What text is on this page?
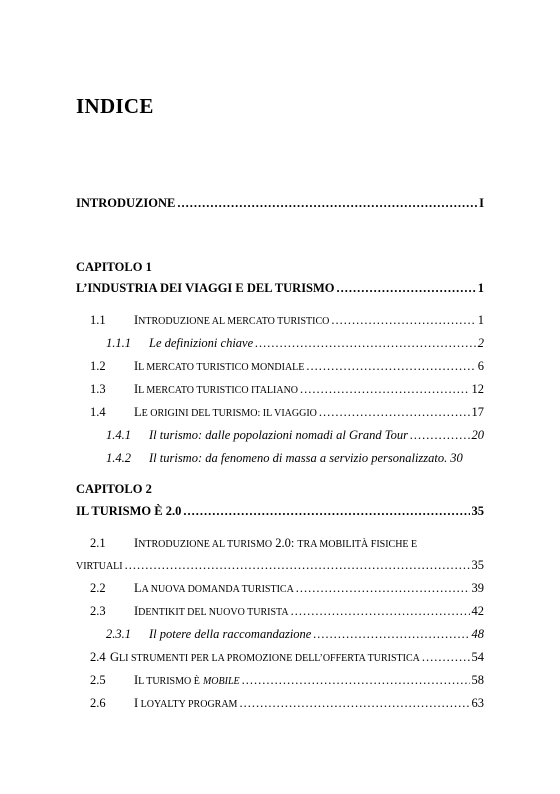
INDICE
INTRODUZIONE .....	I
CAPITOLO 1
L’INDUSTRIA DEI VIAGGI E DEL TURISMO .....	1
1.1	INTRODUZIONE AL MERCATO TURISTICO .....	1
1.1.1	Le definizioni chiave .....	2
1.2	IL MERCATO TURISTICO MONDIALE .....	6
1.3	IL MERCATO TURISTICO ITALIANO .....	12
1.4	LE ORIGINI DEL TURISMO: IL VIAGGIO .....	17
1.4.1	Il turismo: dalle popolazioni nomadi al Grand Tour .....	20
1.4.2	Il turismo: da fenomeno di massa a servizio personalizzato. 30
CAPITOLO 2
IL TURISMO È 2.0 .....	35
2.1	INTRODUZIONE AL TURISMO 2.0: TRA MOBILITÀ FISICHE E
VIRTUALI .....	35
2.2	LA NUOVA DOMANDA TURISTICA .....	39
2.3	IDENTIKIT DEL NUOVO TURISTA .....	42
2.3.1	Il potere della raccomandazione .....	48
2.4 GLI STRUMENTI PER LA PROMOZIONE DELL’OFFERTA TURISTICA .....	54
2.5	IL TURISMO È MOBILE .....	58
2.6	I LOYALTY PROGRAM .....	63
